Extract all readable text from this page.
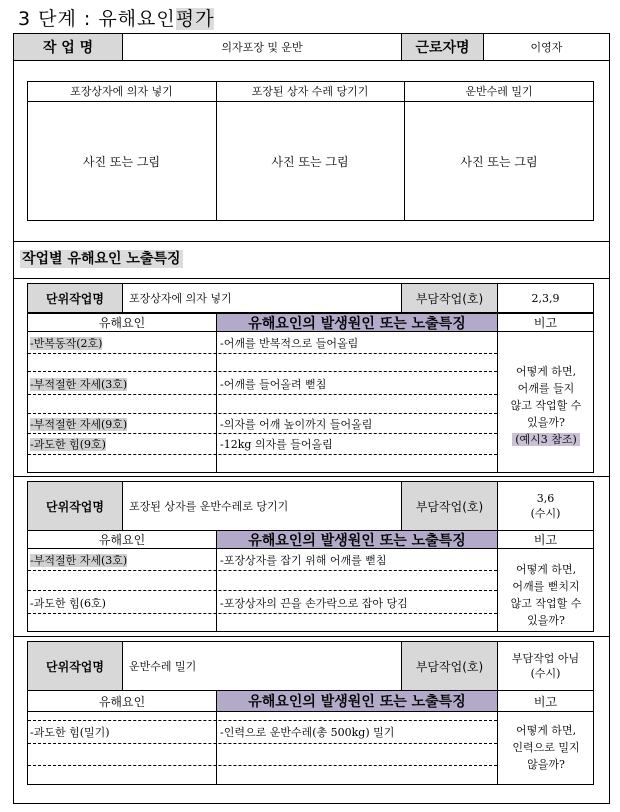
3 단계 : 유해요인평가
작 업 명	의자포장 및 운반	근로자명	이영자
포장상자에 의자 넣기	포장된 상자 수레 당기기	운반수레 밀기
사진 또는 그림	사진 또는 그림	사진 또는 그림
작업별 유해요인 노출특징
단위작업명	포장상자에 의자 넣기	부담작업(호)	2,3,9
유해요인	유해요인의 발생원인 또는 노출특징	비고
-반복동작(2호)	-어깨를 반복적으로 들어올림
-부적절한 자세(3호)	-어깨를 들어올려 뻗침
-부적절한 자세(9호)	-의자를 어깨 높이까지 들어올림
-과도한 힘(9호)	-12kg 의자를 들어올림
어떻게 하면,
어깨를 들지
않고 작업할 수
있을까?
(예시3 참조)
단위작업명	포장된 상자를 운반수레로 당기기	부담작업(호)
3,6
(수시)
유해요인	유해요인의 발생원인 또는 노출특징	비고
-부적절한 자세(3호)	-포장상자를 잡기 위해 어깨를 뻗침
-과도한 힘(6호)	-포장상자의 끈을 손가락으로 잡아 당김
어떻게 하면,
어깨를 뻗치지
않고 작업할 수
있을까?
단위작업명	운반수레 밀기	부담작업(호)
부담작업 아님
(수시)
유해요인	유해요인의 발생원인 또는 노출특징	비고
-과도한 힘(밀기)	-인력으로 운반수레(총 500kg) 밀기	어떻게 하면,
인력으로 밀지
않을까?
